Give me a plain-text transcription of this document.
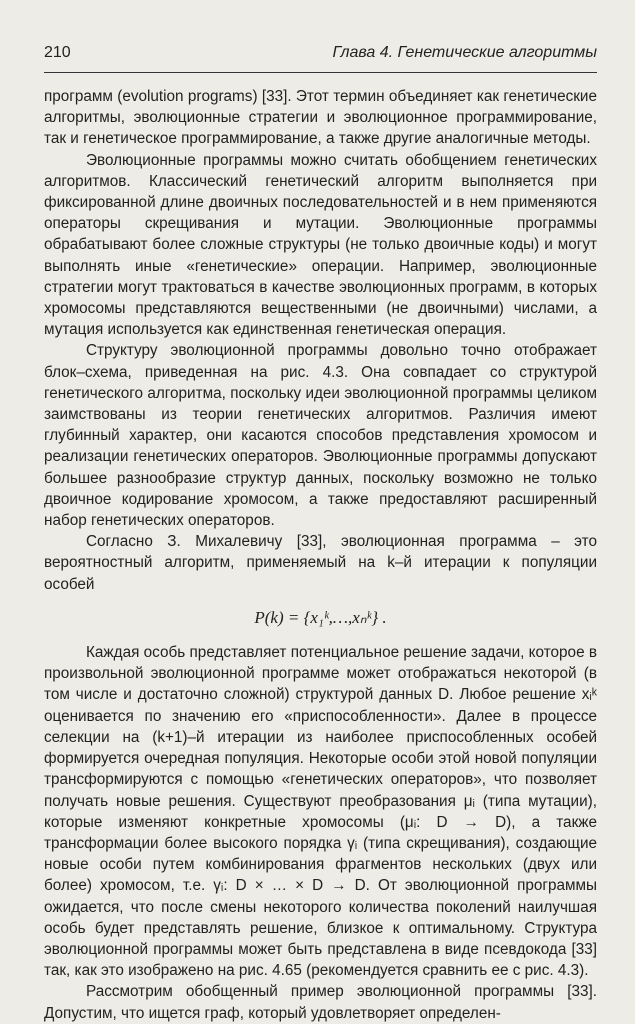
210	Глава 4. Генетические алгоритмы

программ (evolution programs) [33]. Этот термин объединяет как генетические алгоритмы, эволюционные стратегии и эволюционное программирование, так и генетическое программирование, а также другие аналогичные методы.

Эволюционные программы можно считать обобщением генетических алгоритмов. Классический генетический алгоритм выполняется при фиксированной длине двоичных последовательностей и в нем применяются операторы скрещивания и мутации. Эволюционные программы обрабатывают более сложные структуры (не только двоичные коды) и могут выполнять иные «генетические» операции. Например, эволюционные стратегии могут трактоваться в качестве эволюционных программ, в которых хромосомы представляются вещественными (не двоичными) числами, а мутация используется как единственная генетическая операция.

Структуру эволюционной программы довольно точно отображает блок–схема, приведенная на рис. 4.3. Она совпадает со структурой генетического алгоритма, поскольку идеи эволюционной программы целиком заимствованы из теории генетических алгоритмов. Различия имеют глубинный характер, они касаются способов представления хромосом и реализации генетических операторов. Эволюционные программы допускают большее разнообразие структур данных, поскольку возможно не только двоичное кодирование хромосом, а также предоставляют расширенный набор генетических операторов.

Согласно З. Михалевичу [33], эволюционная программа – это вероятностный алгоритм, применяемый на k–й итерации к популяции особей

P(k) = {x₁ᵏ,…,xₙᵏ} .

Каждая особь представляет потенциальное решение задачи, которое в произвольной эволюционной программе может отображаться некоторой (в том числе и достаточно сложной) структурой данных D. Любое решение xᵢᵏ оценивается по значению его «приспособленности». Далее в процессе селекции на (k+1)–й итерации из наиболее приспособленных особей формируется очередная популяция. Некоторые особи этой новой популяции трансформируются с помощью «генетических операторов», что позволяет получать новые решения. Существуют преобразования μᵢ (типа мутации), которые изменяют конкретные хромосомы (μᵢ: D → D), а также трансформации более высокого порядка γᵢ (типа скрещивания), создающие новые особи путем комбинирования фрагментов нескольких (двух или более) хромосом, т.е. γᵢ: D × … × D → D. От эволюционной программы ожидается, что после смены некоторого количества поколений наилучшая особь будет представлять решение, близкое к оптимальному. Структура эволюционной программы может быть представлена в виде псевдокода [33] так, как это изображено на рис. 4.65 (рекомендуется сравнить ее с рис. 4.3).

Рассмотрим обобщенный пример эволюционной программы [33]. Допустим, что ищется граф, который удовлетворяет определен-
